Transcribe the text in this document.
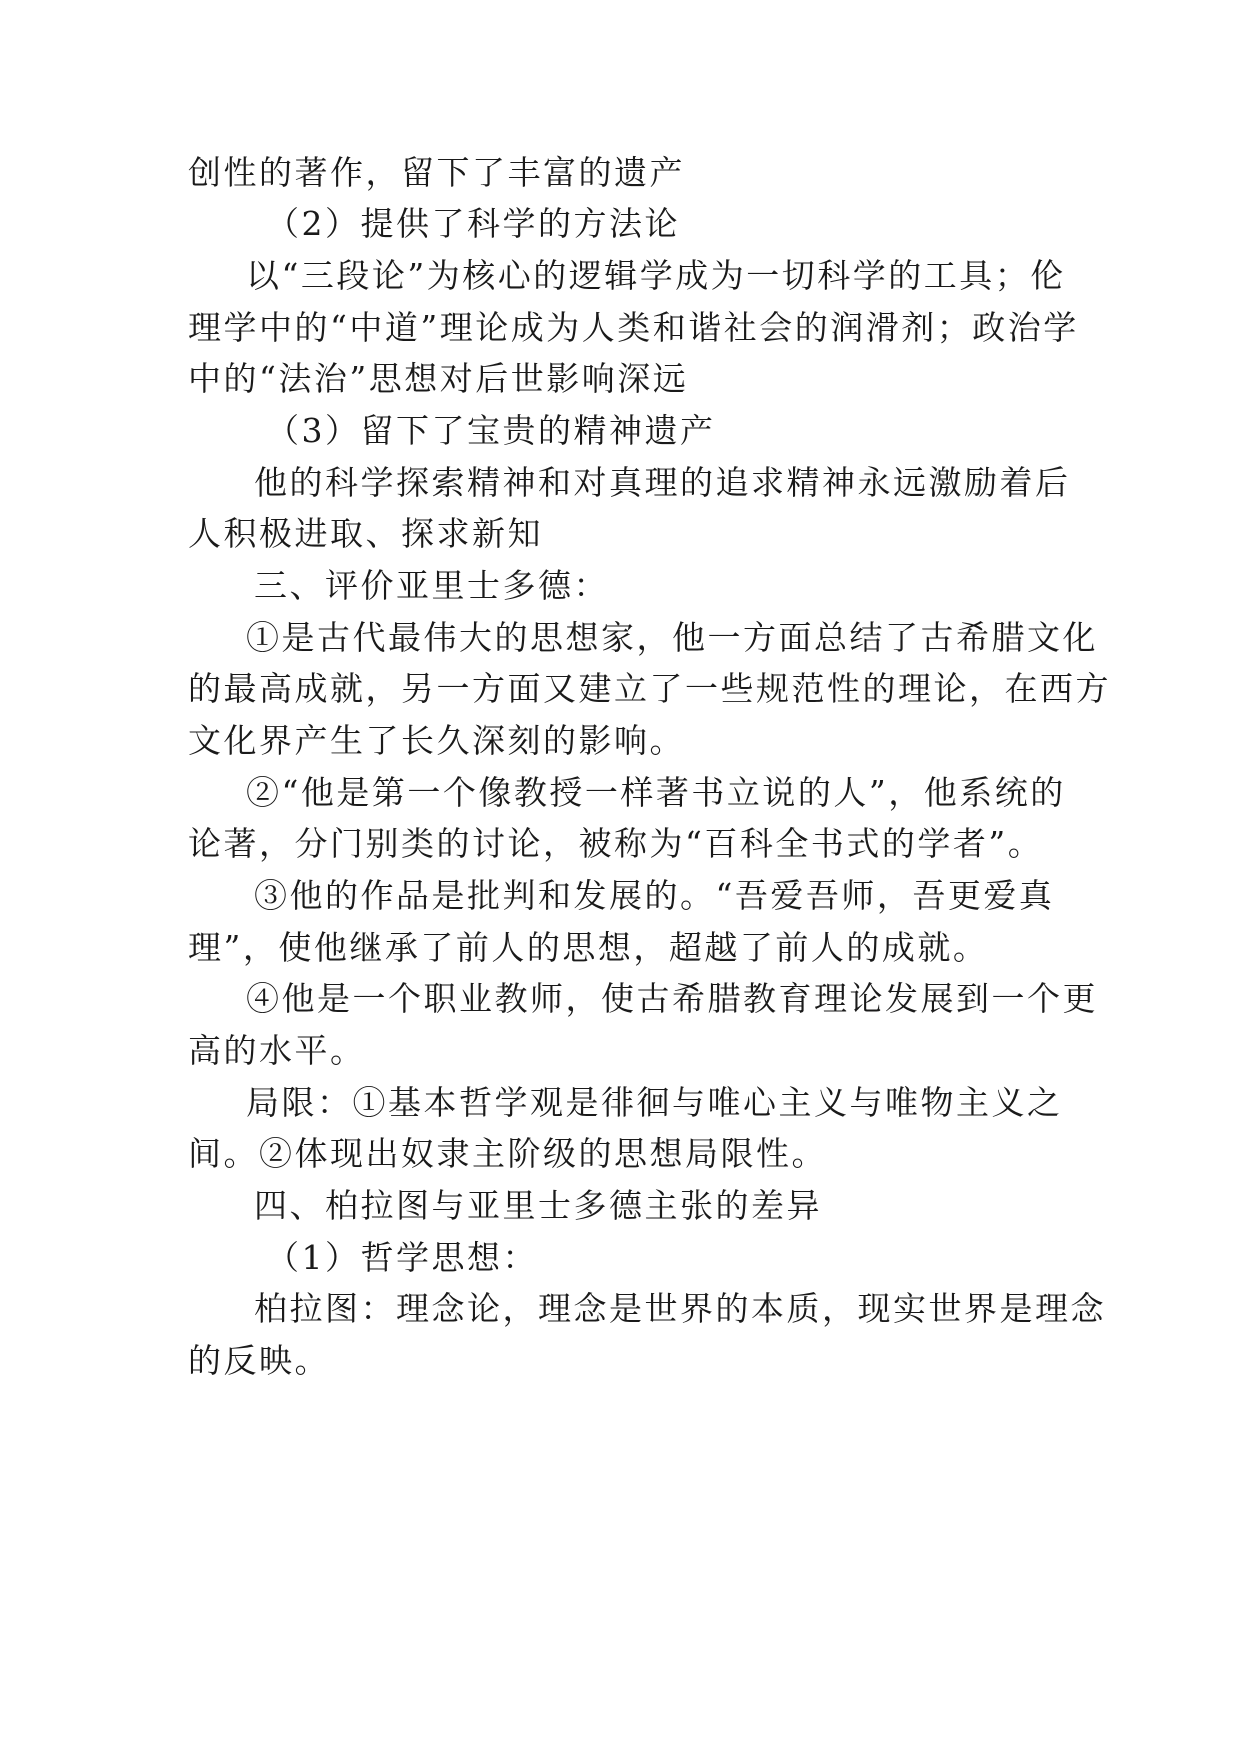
创性的著作，留下了丰富的遗产
（2）提供了科学的方法论
以“三段论”为核心的逻辑学成为一切科学的工具；伦
理学中的“中道”理论成为人类和谐社会的润滑剂；政治学
中的“法治”思想对后世影响深远
（3）留下了宝贵的精神遗产
他的科学探索精神和对真理的追求精神永远激励着后
人积极进取、探求新知
三、评价亚里士多德：
①是古代最伟大的思想家，他一方面总结了古希腊文化
的最高成就，另一方面又建立了一些规范性的理论，在西方
文化界产生了长久深刻的影响。
②“他是第一个像教授一样著书立说的人”，他系统的
论著，分门别类的讨论，被称为“百科全书式的学者”。
③他的作品是批判和发展的。“吾爱吾师，吾更爱真
理”，使他继承了前人的思想，超越了前人的成就。
④他是一个职业教师，使古希腊教育理论发展到一个更
高的水平。
局限：①基本哲学观是徘徊与唯心主义与唯物主义之
间。②体现出奴隶主阶级的思想局限性。
四、柏拉图与亚里士多德主张的差异
（1）哲学思想：
柏拉图：理念论，理念是世界的本质，现实世界是理念
的反映。
